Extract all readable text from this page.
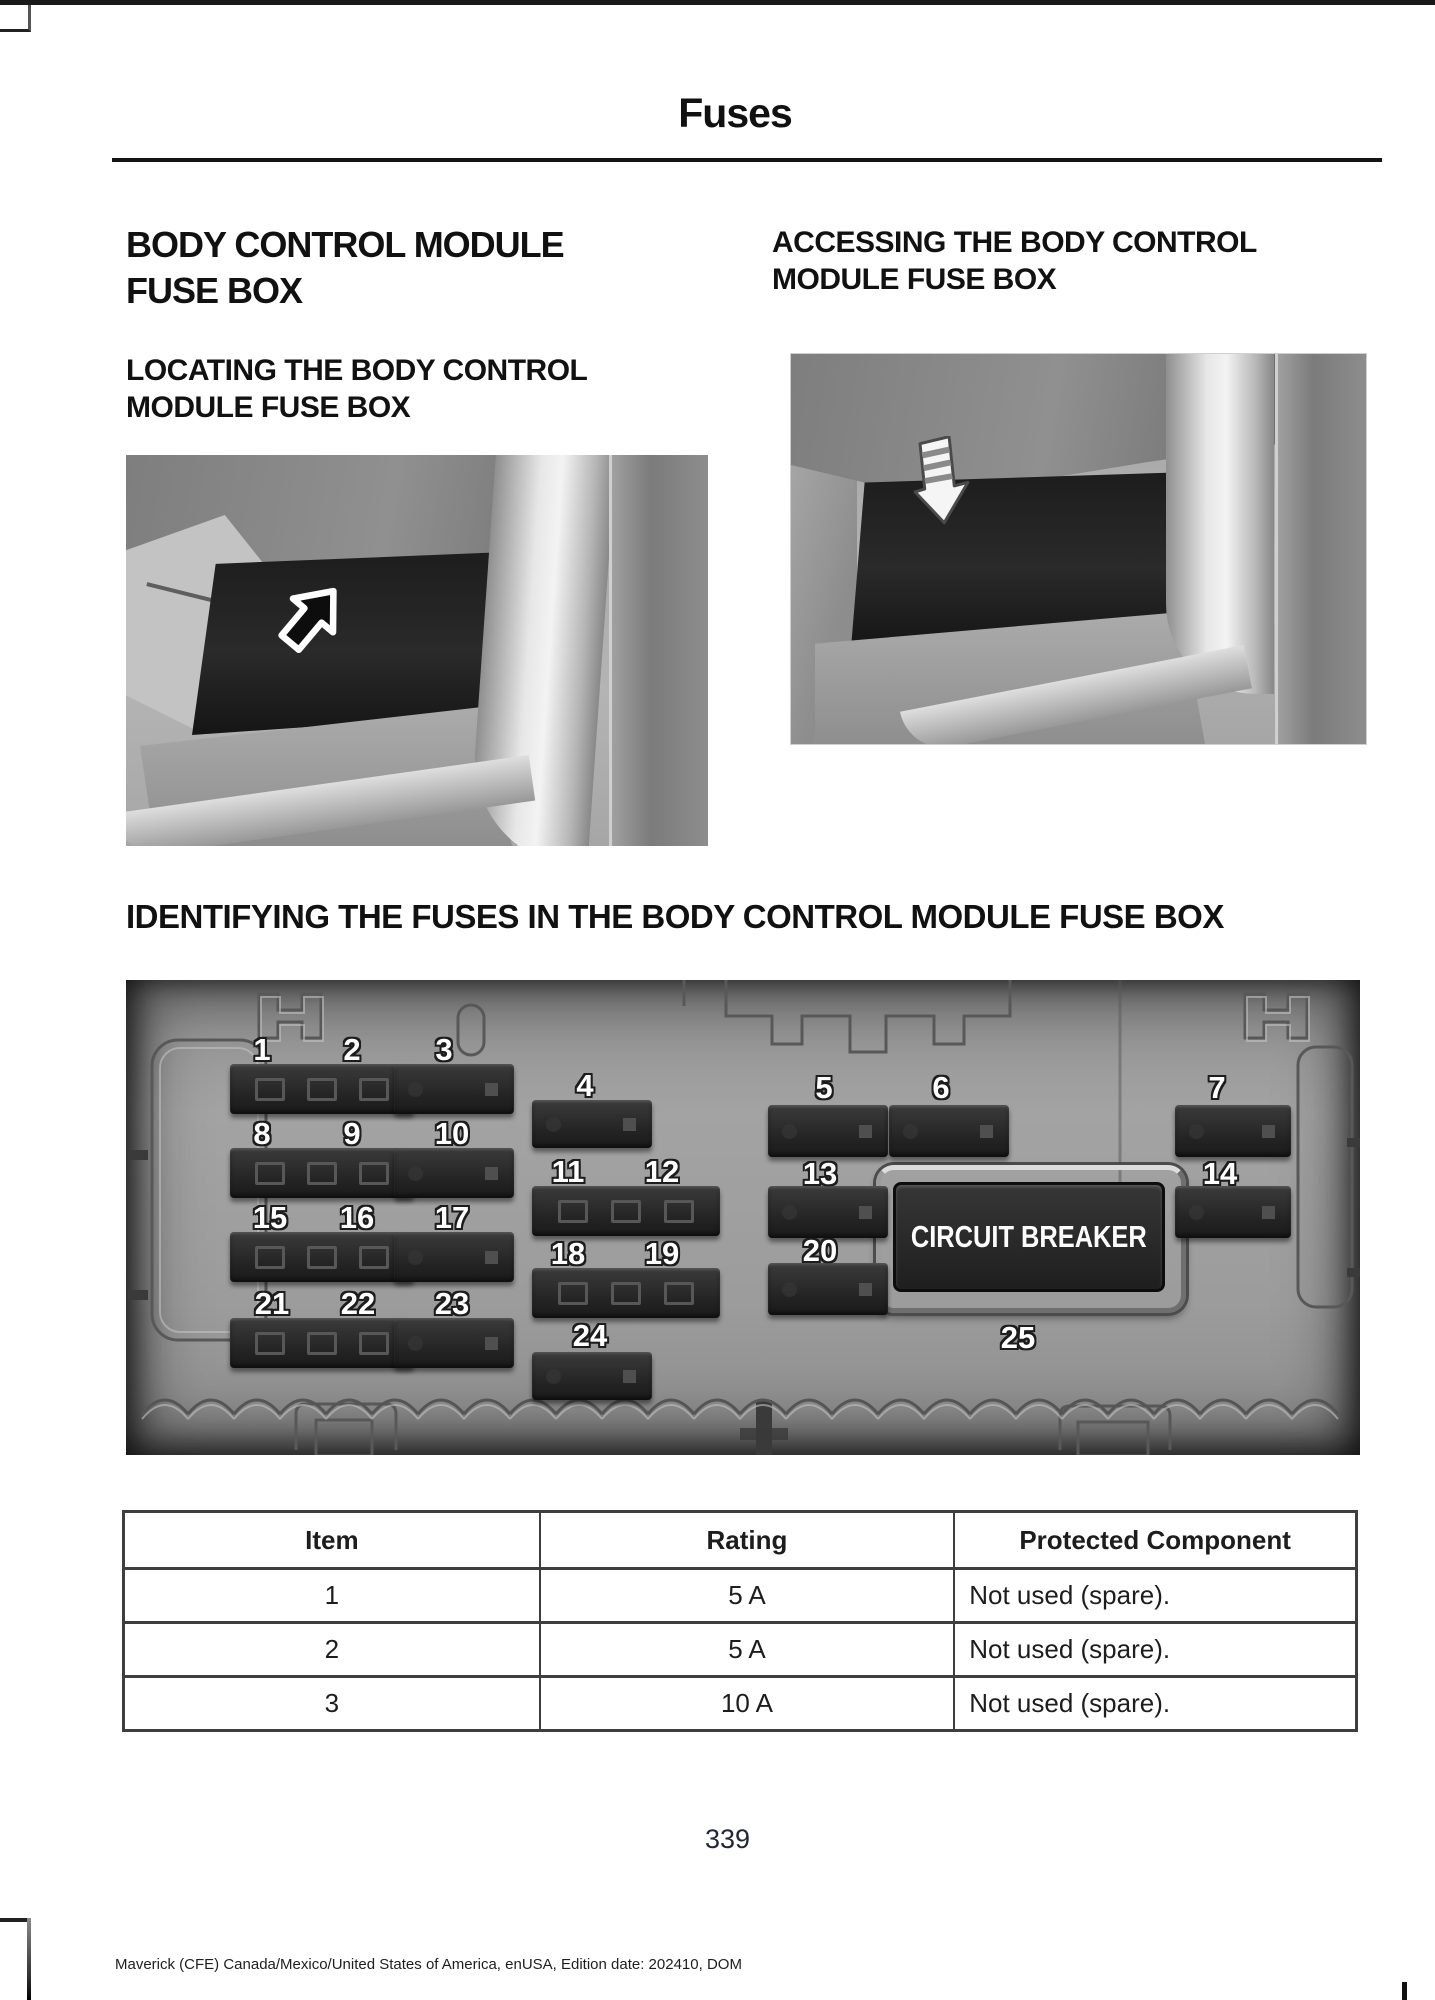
Fuses
BODY CONTROL MODULE
FUSE BOX
ACCESSING THE BODY CONTROL
MODULE FUSE BOX
LOCATING THE BODY CONTROL
MODULE FUSE BOX
IDENTIFYING THE FUSES IN THE BODY CONTROL MODULE FUSE BOX
CIRCUIT BREAKER
1 2 3
8 9 10
15 16 17
21 22 23
4
11 12
18 19
24
5	6
13
20
25
7
14
Item	Rating	Protected Component
1	5 A	Not used (spare).
2	5 A	Not used (spare).
3	10 A	Not used (spare).
339
Maverick (CFE) Canada/Mexico/United States of America, enUSA, Edition date: 202410, DOM
